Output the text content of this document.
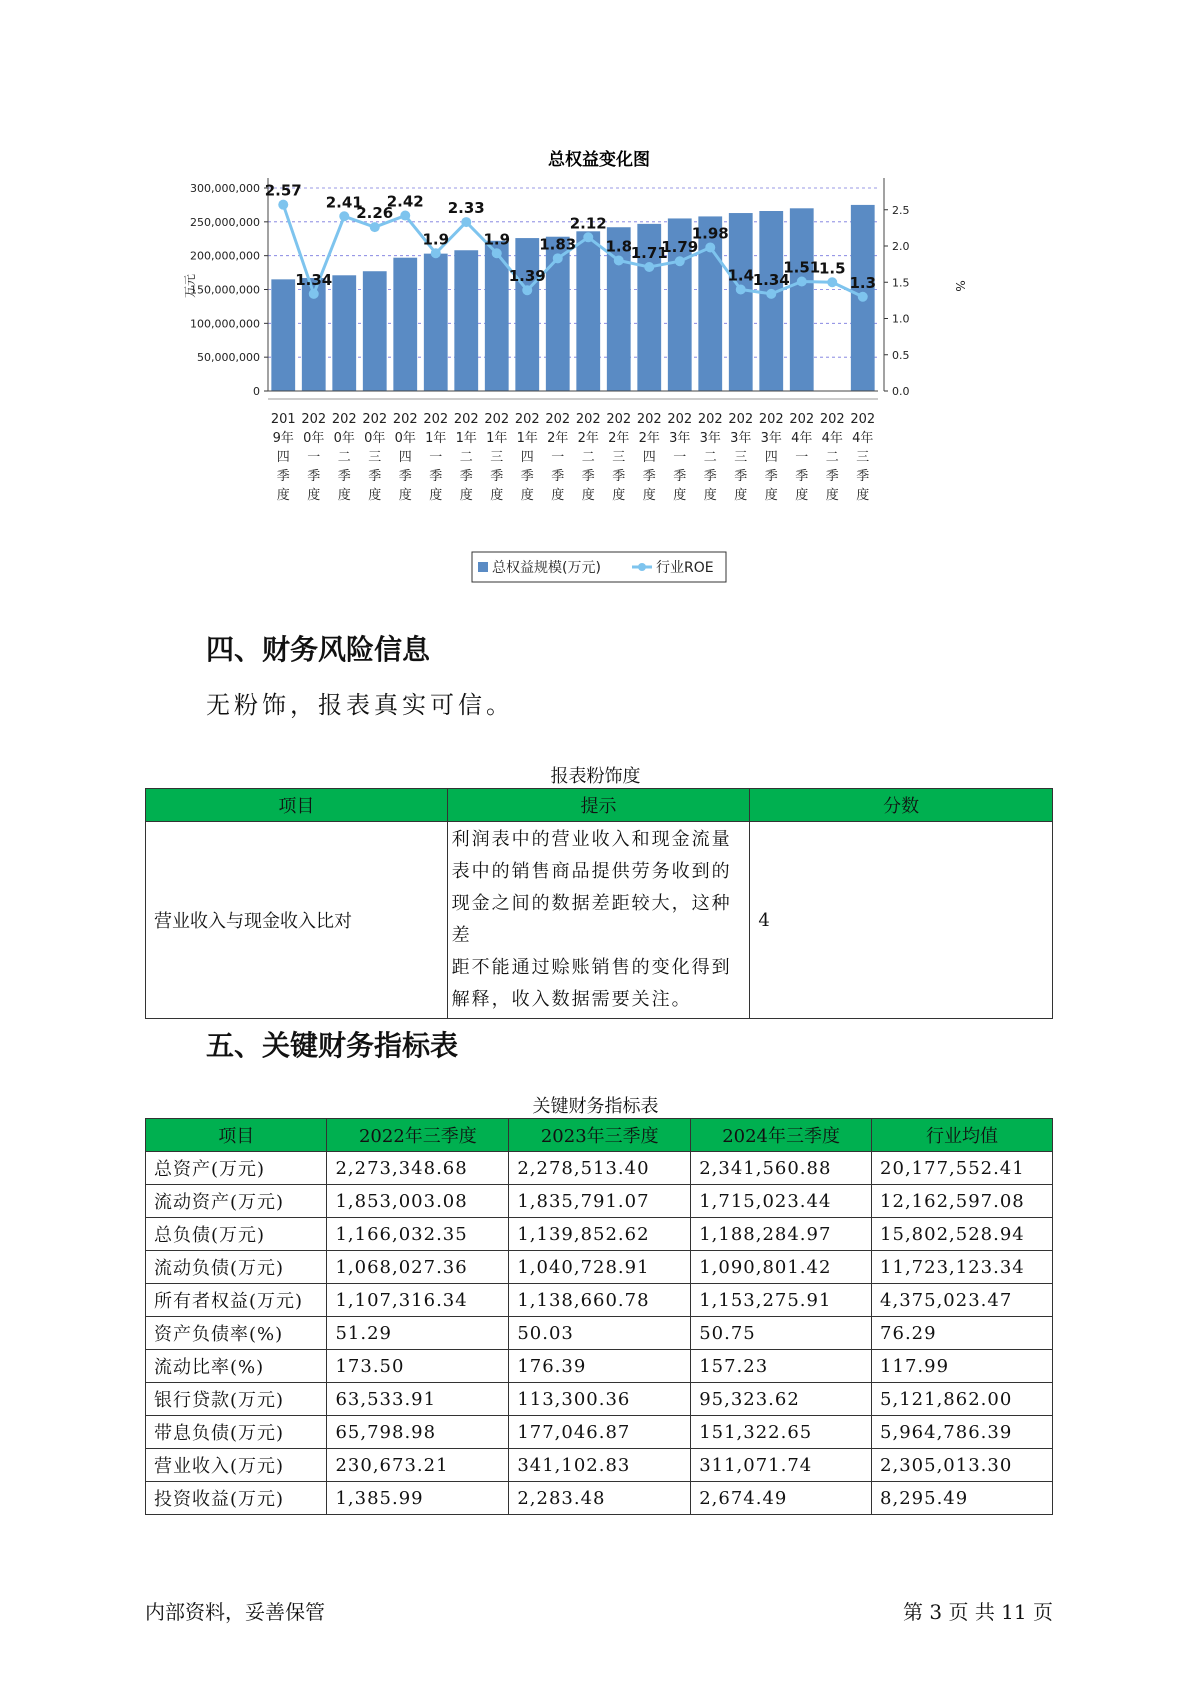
总权益变化图
0
50,000,000
100,000,000
150,000,000
200,000,000
250,000,000
300,000,000
0.0
0.5
1.0
1.5
2.0
2.5
2.57
1.34
2.41
2.26
2.42
1.9
2.33
1.9
1.39
1.83
2.12
1.8
1.71
1.79
1.98
1.4
1.34
1.51
1.5
1.3
201
9年
四
季
度
202
0年
一
季
度
202
0年
二
季
度
202
0年
三
季
度
202
0年
四
季
度
202
1年
一
季
度
202
1年
二
季
度
202
1年
三
季
度
202
1年
四
季
度
202
2年
一
季
度
202
2年
二
季
度
202
2年
三
季
度
202
2年
四
季
度
202
3年
一
季
度
202
3年
二
季
度
202
3年
三
季
度
202
3年
四
季
度
202
4年
一
季
度
202
4年
二
季
度
202
4年
三
季
度
万元	%
总权益规模(万元)	行业ROE
四、财务风险信息

无粉饰，报表真实可信。

报表粉饰度
项目	提示	分数
营业收入与现金收入比对	利润表中的营业收入和现金流量
表中的销售商品提供劳务收到的
现金之间的数据差距较大，这种差
距不能通过赊账销售的变化得到
解释，收入数据需要关注。	4
五、关键财务指标表
关键财务指标表
项目	2022年三季度	2023年三季度	2024年三季度	行业均值
总资产(万元)	2,273,348.68	2,278,513.40	2,341,560.88	20,177,552.41
流动资产(万元)	1,853,003.08	1,835,791.07	1,715,023.44	12,162,597.08
总负债(万元)	1,166,032.35	1,139,852.62	1,188,284.97	15,802,528.94
流动负债(万元)	1,068,027.36	1,040,728.91	1,090,801.42	11,723,123.34
所有者权益(万元)	1,107,316.34	1,138,660.78	1,153,275.91	4,375,023.47
资产负债率(%)	51.29	50.03	50.75	76.29
流动比率(%)	173.50	176.39	157.23	117.99
银行贷款(万元)	63,533.91	113,300.36	95,323.62	5,121,862.00
带息负债(万元)	65,798.98	177,046.87	151,322.65	5,964,786.39
营业收入(万元)	230,673.21	341,102.83	311,071.74	2,305,013.30
投资收益(万元)	1,385.99	2,283.48	2,674.49	8,295.49
内部资料，妥善保管	第 3 页 共 11 页
